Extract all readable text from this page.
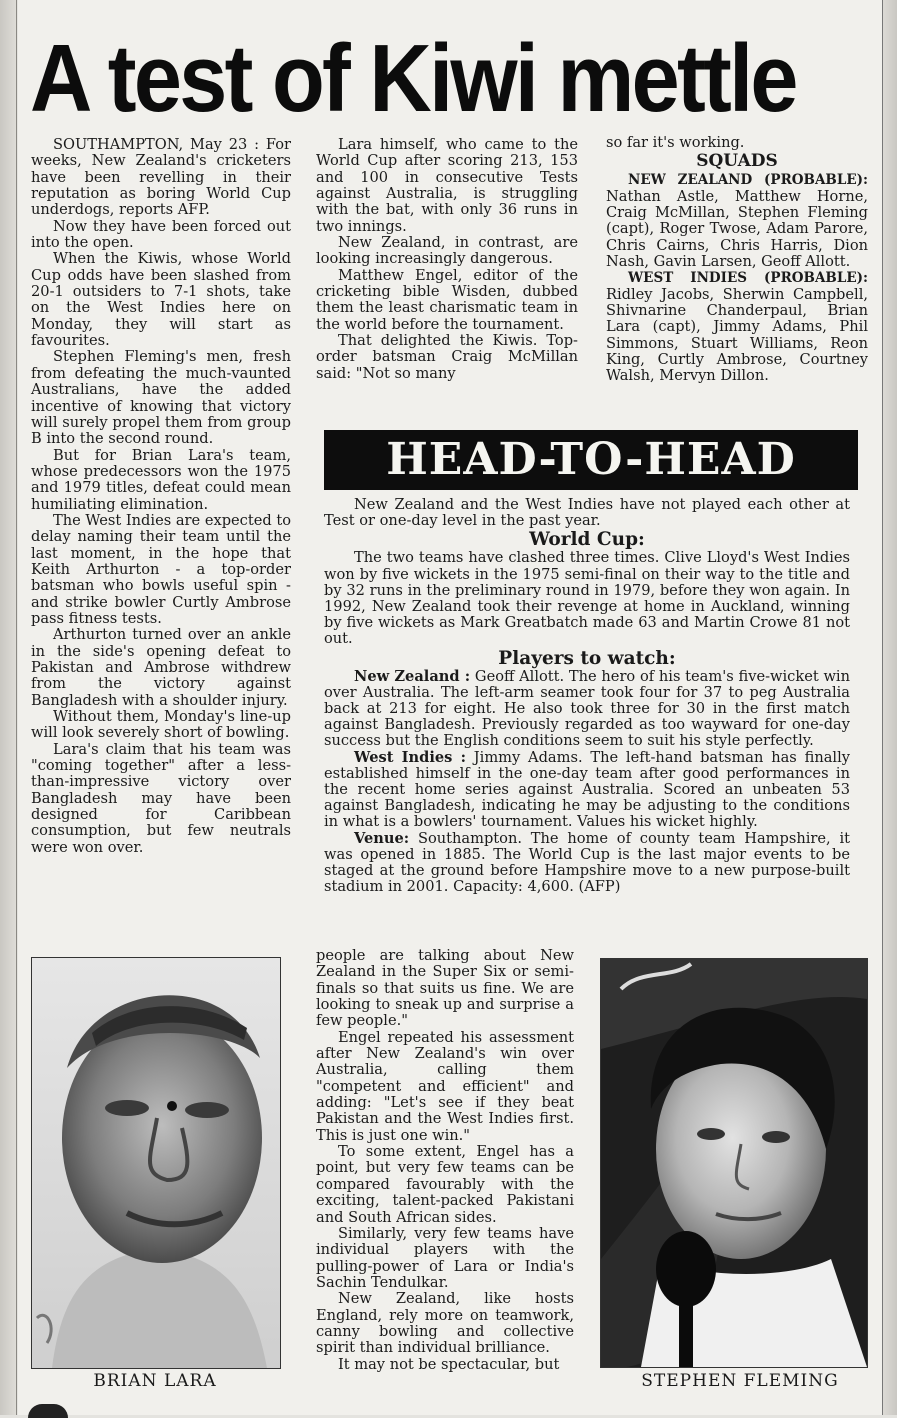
A test of Kiwi mettle

SOUTHAMPTON, May 23 : For weeks, New Zealand's cricketers have been revelling in their reputation as boring World Cup underdogs, reports AFP.

Now they have been forced out into the open.

When the Kiwis, whose World Cup odds have been slashed from 20-1 outsiders to 7-1 shots, take on the West Indies here on Monday, they will start as favourites.

Stephen Fleming's men, fresh from defeating the much-vaunted Australians, have the added incentive of knowing that victory will surely propel them from group B into the second round.

But for Brian Lara's team, whose predecessors won the 1975 and 1979 titles, defeat could mean humiliating elimination.

The West Indies are expected to delay naming their team until the last moment, in the hope that Keith Arthurton - a top-order batsman who bowls useful spin - and strike bowler Curtly Ambrose pass fitness tests.

Arthurton turned over an ankle in the side's opening defeat to Pakistan and Ambrose withdrew from the victory against Bangladesh with a shoulder injury.

Without them, Monday's line-up will look severely short of bowling.

Lara's claim that his team was "coming together" after a less-than-impressive victory over Bangladesh may have been designed for Caribbean consumption, but few neutrals were won over.

Lara himself, who came to the World Cup after scoring 213, 153 and 100 in consecutive Tests against Australia, is struggling with the bat, with only 36 runs in two innings.

New Zealand, in contrast, are looking increasingly dangerous.

Matthew Engel, editor of the cricketing bible Wisden, dubbed them the least charismatic team in the world before the tournament.

That delighted the Kiwis. Top-order batsman Craig McMillan said: "Not so many

so far it's working.

SQUADS

NEW ZEALAND (PROBABLE): Nathan Astle, Matthew Horne, Craig McMillan, Stephen Fleming (capt), Roger Twose, Adam Parore, Chris Cairns, Chris Harris, Dion Nash, Gavin Larsen, Geoff Allott.

WEST INDIES (PROBABLE): Ridley Jacobs, Sherwin Campbell, Shivnarine Chanderpaul, Brian Lara (capt), Jimmy Adams, Phil Simmons, Stuart Williams, Reon King, Curtly Ambrose, Courtney Walsh, Mervyn Dillon.

HEAD-TO-HEAD

New Zealand and the West Indies have not played each other at Test or one-day level in the past year.

World Cup:

The two teams have clashed three times. Clive Lloyd's West Indies won by five wickets in the 1975 semi-final on their way to the title and by 32 runs in the preliminary round in 1979, before they won again. In 1992, New Zealand took their revenge at home in Auckland, winning by five wickets as Mark Greatbatch made 63 and Martin Crowe 81 not out.

Players to watch:

New Zealand : Geoff Allott. The hero of his team's five-wicket win over Australia. The left-arm seamer took four for 37 to peg Australia back at 213 for eight. He also took three for 30 in the first match against Bangladesh. Previously regarded as too wayward for one-day success but the English conditions seem to suit his style perfectly.

West Indies : Jimmy Adams. The left-hand batsman has finally established himself in the one-day team after good performances in the recent home series against Australia. Scored an unbeaten 53 against Bangladesh, indicating he may be adjusting to the conditions in what is a bowlers' tournament. Values his wicket highly.

Venue: Southampton. The home of county team Hampshire, it was opened in 1885. The World Cup is the last major events to be staged at the ground before Hampshire move to a new purpose-built stadium in 2001. Capacity: 4,600. (AFP)

people are talking about New Zealand in the Super Six or semi-finals so that suits us fine. We are looking to sneak up and surprise a few people."

Engel repeated his assessment after New Zealand's win over Australia, calling them "competent and efficient" and adding: "Let's see if they beat Pakistan and the West Indies first. This is just one win."

To some extent, Engel has a point, but very few teams can be compared favourably with the exciting, talent-packed Pakistani and South African sides.

Similarly, very few teams have individual players with the pulling-power of Lara or India's Sachin Tendulkar.

New Zealand, like hosts England, rely more on teamwork, canny bowling and collective spirit than individual brilliance.

It may not be spectacular, but

BRIAN LARA	STEPHEN FLEMING
